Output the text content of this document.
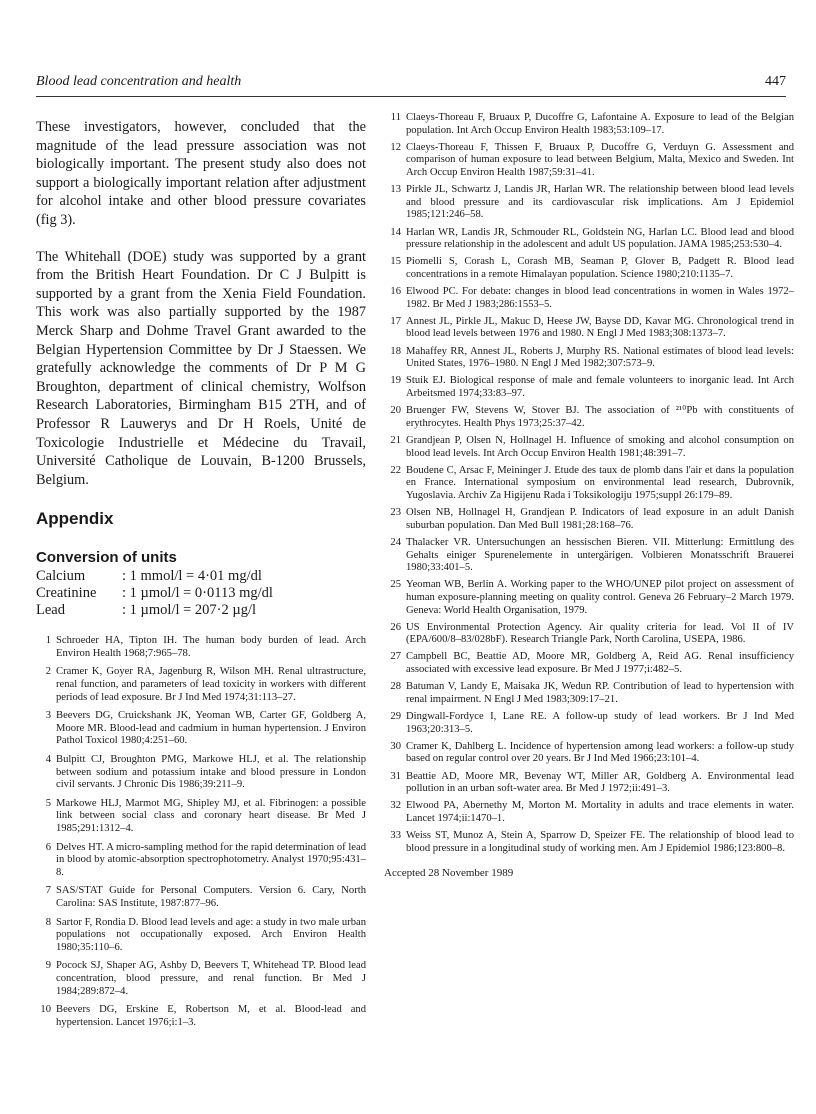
Blood lead concentration and health	447

These investigators, however, concluded that the magnitude of the lead pressure association was not biologically important. The present study also does not support a biologically important relation after adjustment for alcohol intake and other blood pressure covariates (fig 3).

The Whitehall (DOE) study was supported by a grant from the British Heart Foundation. Dr C J Bulpitt is supported by a grant from the Xenia Field Foundation. This work was also partially supported by the 1987 Merck Sharp and Dohme Travel Grant awarded to the Belgian Hypertension Committee by Dr J Staessen. We gratefully acknowledge the comments of Dr P M G Broughton, department of clinical chemistry, Wolfson Research Laboratories, Birmingham B15 2TH, and of Professor R Lauwerys and Dr H Roels, Unité de Toxicologie Industrielle et Médecine du Travail, Université Catholique de Louvain, B-1200 Brussels, Belgium.

Appendix
Conversion of units
Calcium	: 1 mmol/l = 4·01 mg/dl
Creatinine	: 1 µmol/l = 0·0113 mg/dl
Lead	: 1 µmol/l = 207·2 µg/l
1 Schroeder HA, Tipton IH. The human body burden of lead. Arch Environ Health 1968;7:965–78.
2 Cramer K, Goyer RA, Jagenburg R, Wilson MH. Renal ultrastructure, renal function, and parameters of lead toxicity in workers with different periods of lead exposure. Br J Ind Med 1974;31:113–27.
3 Beevers DG, Cruickshank JK, Yeoman WB, Carter GF, Goldberg A, Moore MR. Blood-lead and cadmium in human hypertension. J Environ Pathol Toxicol 1980;4:251–60.
4 Bulpitt CJ, Broughton PMG, Markowe HLJ, et al. The relationship between sodium and potassium intake and blood pressure in London civil servants. J Chronic Dis 1986;39:211–9.
5 Markowe HLJ, Marmot MG, Shipley MJ, et al. Fibrinogen: a possible link between social class and coronary heart disease. Br Med J 1985;291:1312–4.
6 Delves HT. A micro-sampling method for the rapid determination of lead in blood by atomic-absorption spectrophotometry. Analyst 1970;95:431–8.
7 SAS/STAT Guide for Personal Computers. Version 6. Cary, North Carolina: SAS Institute, 1987:877–96.
8 Sartor F, Rondia D. Blood lead levels and age: a study in two male urban populations not occupationally exposed. Arch Environ Health 1980;35:110–6.
9 Pocock SJ, Shaper AG, Ashby D, Beevers T, Whitehead TP. Blood lead concentration, blood pressure, and renal function. Br Med J 1984;289:872–4.
10 Beevers DG, Erskine E, Robertson M, et al. Blood-lead and hypertension. Lancet 1976;i:1–3.
11 Claeys-Thoreau F, Bruaux P, Ducoffre G, Lafontaine A. Exposure to lead of the Belgian population. Int Arch Occup Environ Health 1983;53:109–17.
12 Claeys-Thoreau F, Thissen F, Bruaux P, Ducoffre G, Verduyn G. Assessment and comparison of human exposure to lead between Belgium, Malta, Mexico and Sweden. Int Arch Occup Environ Health 1987;59:31–41.
13 Pirkle JL, Schwartz J, Landis JR, Harlan WR. The relationship between blood lead levels and blood pressure and its cardiovascular risk implications. Am J Epidemiol 1985;121:246–58.
14 Harlan WR, Landis JR, Schmouder RL, Goldstein NG, Harlan LC. Blood lead and blood pressure relationship in the adolescent and adult US population. JAMA 1985;253:530–4.
15 Piomelli S, Corash L, Corash MB, Seaman P, Glover B, Padgett R. Blood lead concentrations in a remote Himalayan population. Science 1980;210:1135–7.
16 Elwood PC. For debate: changes in blood lead concentrations in women in Wales 1972–1982. Br Med J 1983;286:1553–5.
17 Annest JL, Pirkle JL, Makuc D, Heese JW, Bayse DD, Kavar MG. Chronological trend in blood lead levels between 1976 and 1980. N Engl J Med 1983;308:1373–7.
18 Mahaffey RR, Annest JL, Roberts J, Murphy RS. National estimates of blood lead levels: United States, 1976–1980. N Engl J Med 1982;307:573–9.
19 Stuik EJ. Biological response of male and female volunteers to inorganic lead. Int Arch Arbeitsmed 1974;33:83–97.
20 Bruenger FW, Stevens W, Stover BJ. The association of ²¹⁰Pb with constituents of erythrocytes. Health Phys 1973;25:37–42.
21 Grandjean P, Olsen N, Hollnagel H. Influence of smoking and alcohol consumption on blood lead levels. Int Arch Occup Environ Health 1981;48:391–7.
22 Boudene C, Arsac F, Meininger J. Etude des taux de plomb dans l'air et dans la population en France. International symposium on environmental lead research, Dubrovnik, Yugoslavia. Archiv Za Higijenu Rada i Toksikologiju 1975;suppl 26:179–89.
23 Olsen NB, Hollnagel H, Grandjean P. Indicators of lead exposure in an adult Danish suburban population. Dan Med Bull 1981;28:168–76.
24 Thalacker VR. Untersuchungen an hessischen Bieren. VII. Mitterlung: Ermittlung des Gehalts einiger Spurenelemente in untergärigen. Volbieren Monatsschrift Brauerei 1980;33:401–5.
25 Yeoman WB, Berlin A. Working paper to the WHO/UNEP pilot project on assessment of human exposure-planning meeting on quality control. Geneva 26 February–2 March 1979. Geneva: World Health Organisation, 1979.
26 US Environmental Protection Agency. Air quality criteria for lead. Vol II of IV (EPA/600/8–83/028bF). Research Triangle Park, North Carolina, USEPA, 1986.
27 Campbell BC, Beattie AD, Moore MR, Goldberg A, Reid AG. Renal insufficiency associated with excessive lead exposure. Br Med J 1977;i:482–5.
28 Batuman V, Landy E, Maisaka JK, Wedun RP. Contribution of lead to hypertension with renal impairment. N Engl J Med 1983;309:17–21.
29 Dingwall-Fordyce I, Lane RE. A follow-up study of lead workers. Br J Ind Med 1963;20:313–5.
30 Cramer K, Dahlberg L. Incidence of hypertension among lead workers: a follow-up study based on regular control over 20 years. Br J Ind Med 1966;23:101–4.
31 Beattie AD, Moore MR, Bevenay WT, Miller AR, Goldberg A. Environmental lead pollution in an urban soft-water area. Br Med J 1972;ii:491–3.
32 Elwood PA, Abernethy M, Morton M. Mortality in adults and trace elements in water. Lancet 1974;ii:1470–1.
33 Weiss ST, Munoz A, Stein A, Sparrow D, Speizer FE. The relationship of blood lead to blood pressure in a longitudinal study of working men. Am J Epidemiol 1986;123:800–8.
Accepted 28 November 1989
